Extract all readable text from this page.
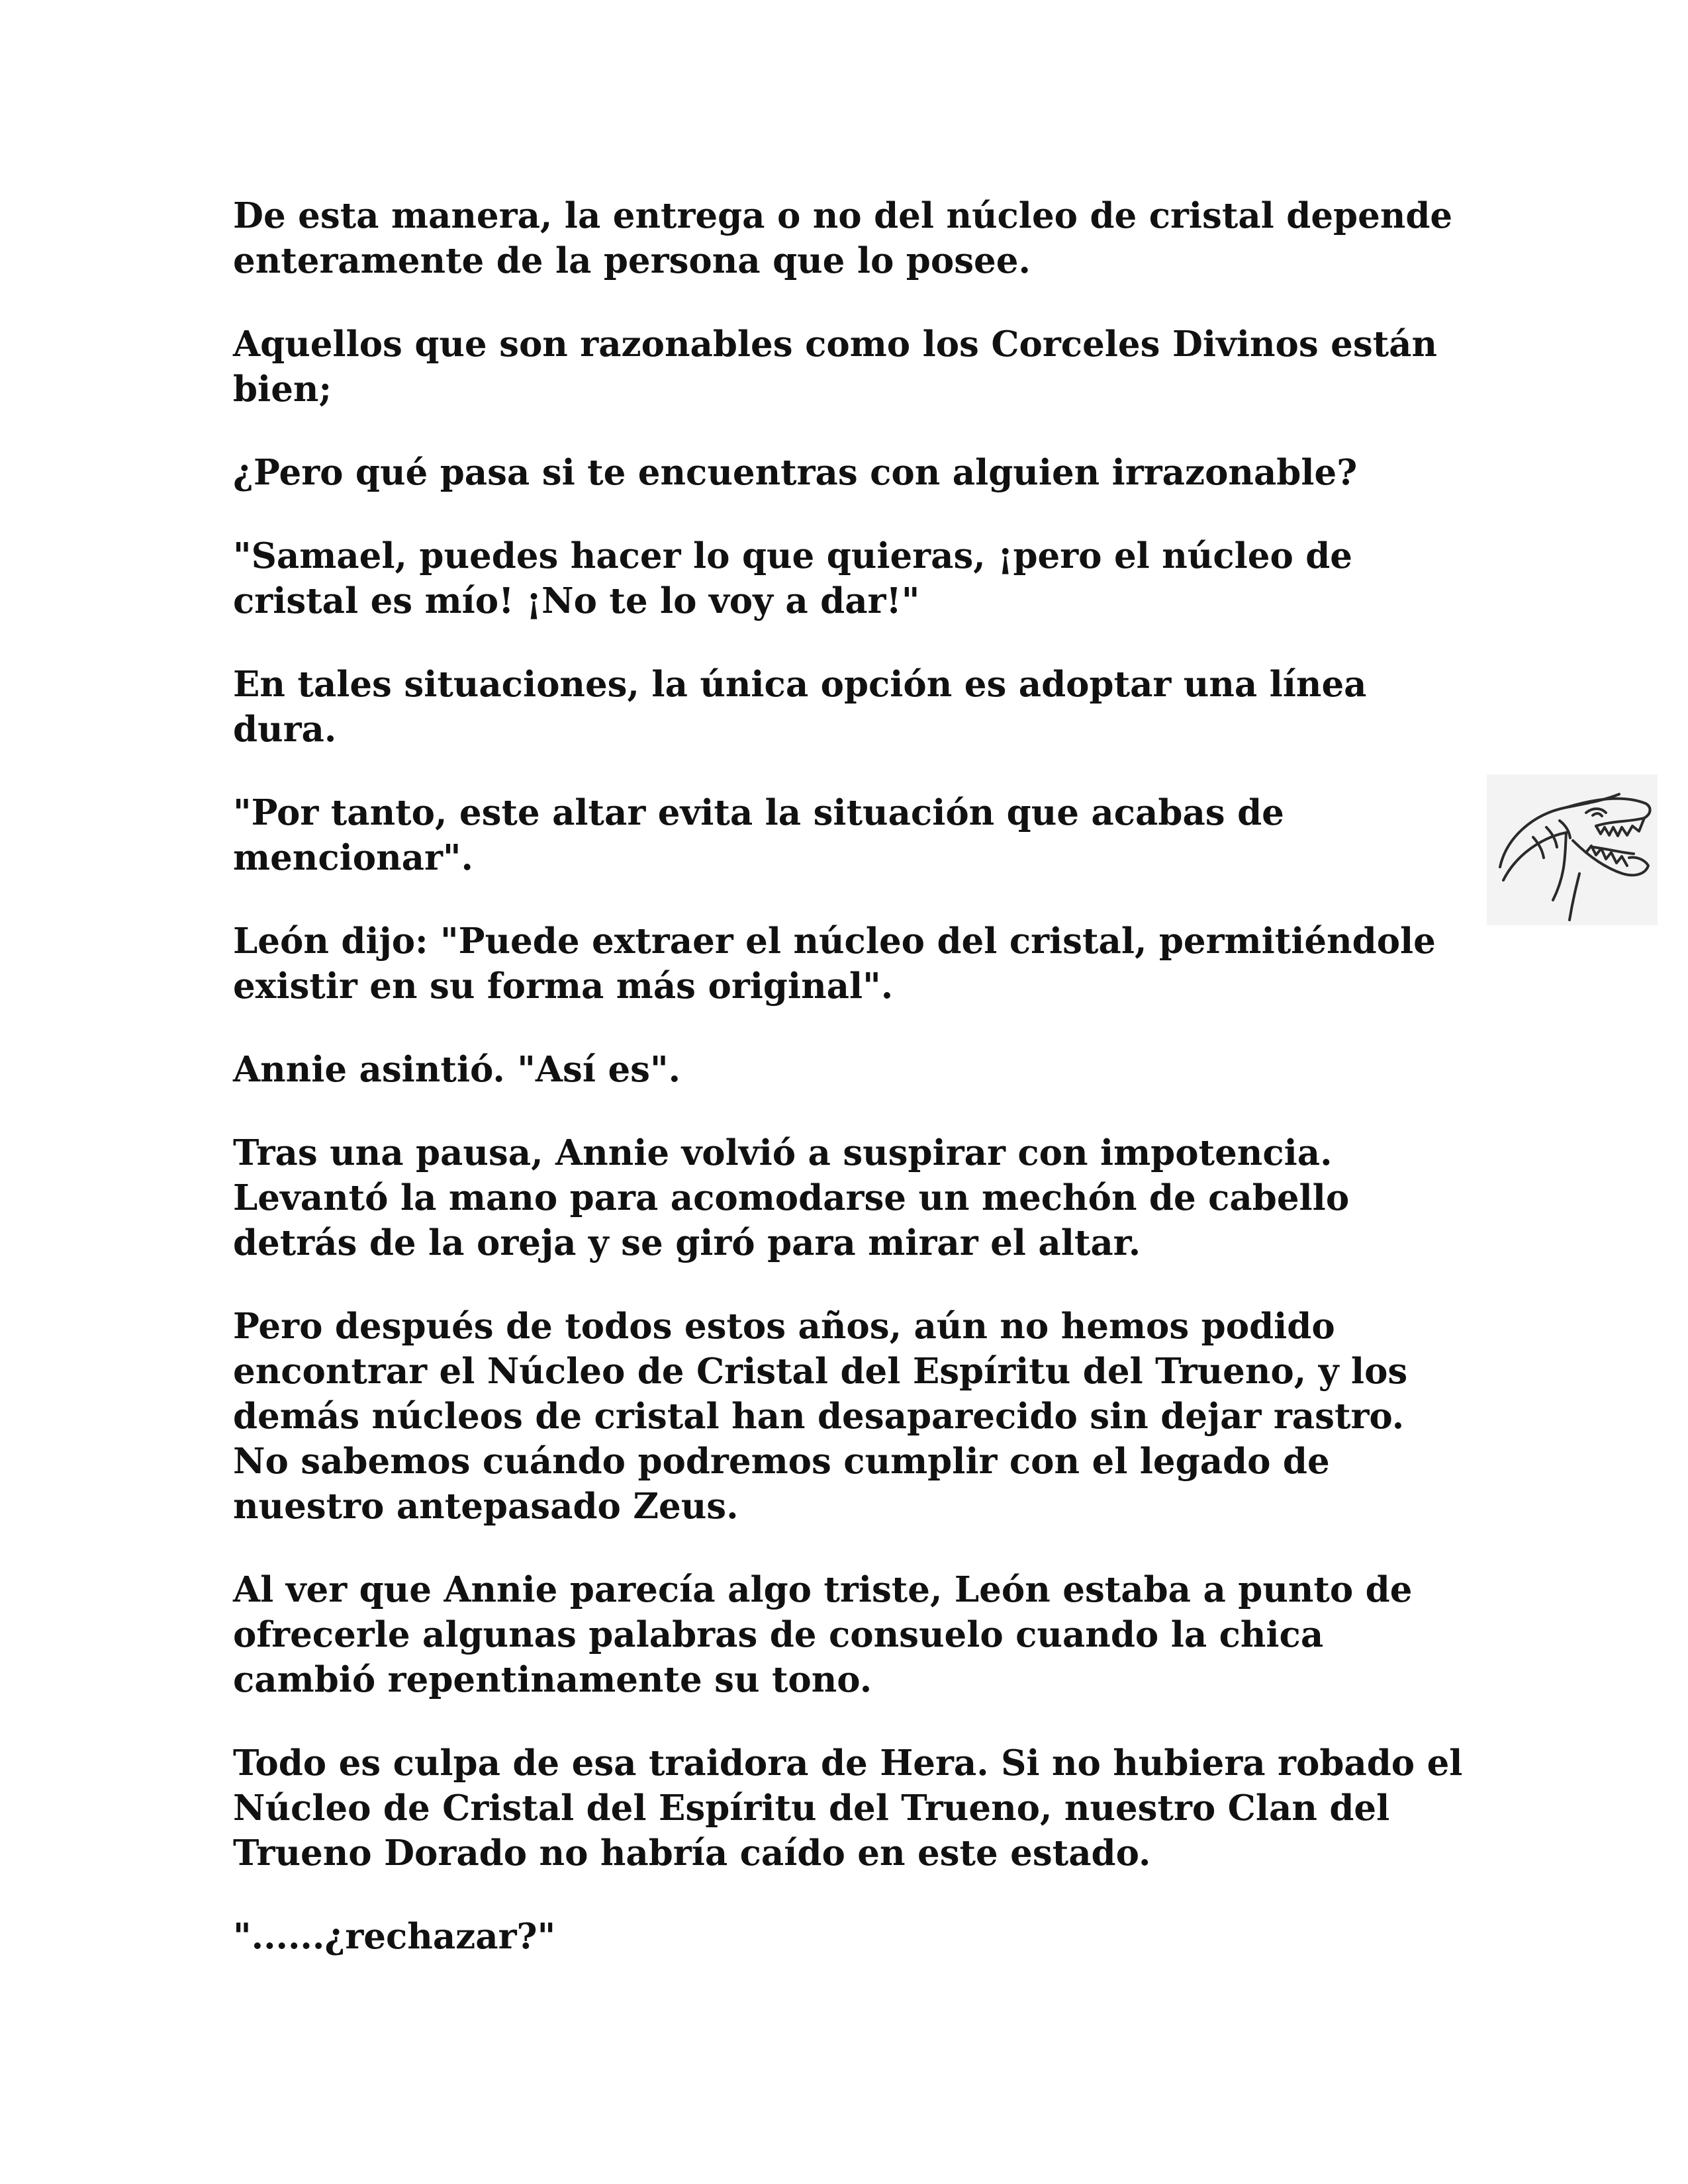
De esta manera, la entrega o no del núcleo de cristal depende enteramente de la persona que lo posee.

Aquellos que son razonables como los Corceles Divinos están bien;

¿Pero qué pasa si te encuentras con alguien irrazonable?

"Samael, puedes hacer lo que quieras, ¡pero el núcleo de cristal es mío! ¡No te lo voy a dar!"

En tales situaciones, la única opción es adoptar una línea dura.

"Por tanto, este altar evita la situación que acabas de mencionar".

León dijo: "Puede extraer el núcleo del cristal, permitiéndole existir en su forma más original".

Annie asintió. "Así es".

Tras una pausa, Annie volvió a suspirar con impotencia. Levantó la mano para acomodarse un mechón de cabello detrás de la oreja y se giró para mirar el altar.

Pero después de todos estos años, aún no hemos podido encontrar el Núcleo de Cristal del Espíritu del Trueno, y los demás núcleos de cristal han desaparecido sin dejar rastro. No sabemos cuándo podremos cumplir con el legado de nuestro antepasado Zeus.

Al ver que Annie parecía algo triste, León estaba a punto de ofrecerle algunas palabras de consuelo cuando la chica cambió repentinamente su tono.

Todo es culpa de esa traidora de Hera. Si no hubiera robado el Núcleo de Cristal del Espíritu del Trueno, nuestro Clan del Trueno Dorado no habría caído en este estado.

"......¿rechazar?"
